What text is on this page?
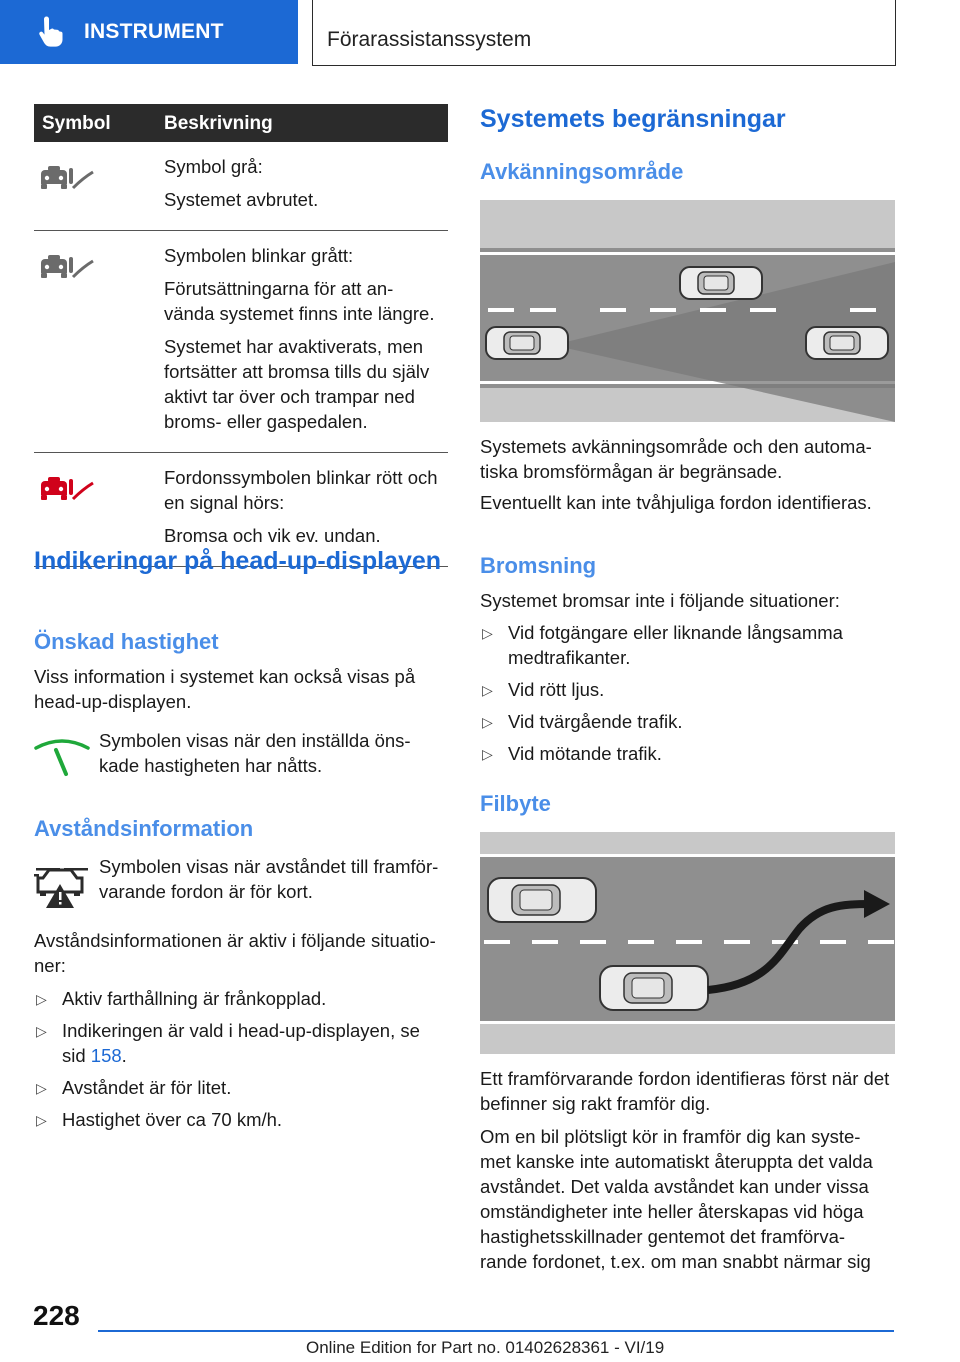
INSTRUMENT	Förarassistanssystem
Symbol	Beskrivning

Symbol grå:

Systemet avbrutet.

Symbolen blinkar grått:

Förutsättningarna för att an- vända systemet finns inte längre.

Systemet har avaktiverats, men fortsätter att bromsa tills du själv aktivt tar över och trampar ned broms- eller gaspedalen.

Fordonssymbolen blinkar rött och en signal hörs:

Bromsa och vik ev. undan.

Indikeringar på head-up-displayen
Önskad hastighet

Viss information i systemet kan också visas på head-up-displayen.

Symbolen visas när den inställda öns- kade hastigheten har nåtts.

Avståndsinformation

Symbolen visas när avståndet till framför- varande fordon är för kort.

Avståndsinformationen är aktiv i följande situatio- ner:

▷ Aktiv farthållning är frånkopplad.
▷ Indikeringen är vald i head-up-displayen, se sid 158.
▷ Avståndet är för litet.
▷ Hastighet över ca 70 km/h.
Systemets begränsningar
Avkänningsområde

Systemets avkänningsområde och den automa- tiska bromsförmågan är begränsade.

Eventuellt kan inte tvåhjuliga fordon identifieras.

Bromsning

Systemet bromsar inte i följande situationer:

▷ Vid fotgängare eller liknande långsamma medtrafikanter.
▷ Vid rött ljus.
▷ Vid tvärgående trafik.
▷ Vid mötande trafik.
Filbyte

Ett framförvarande fordon identifieras först när det befinner sig rakt framför dig.

Om en bil plötsligt kör in framför dig kan syste- met kanske inte automatiskt återuppta det valda avståndet. Det valda avståndet kan under vissa omständigheter inte heller återskapas vid höga hastighetsskillnader gentemot det framförva- rande fordonet, t.ex. om man snabbt närmar sig

228
Online Edition for Part no. 01402628361 - VI/19
